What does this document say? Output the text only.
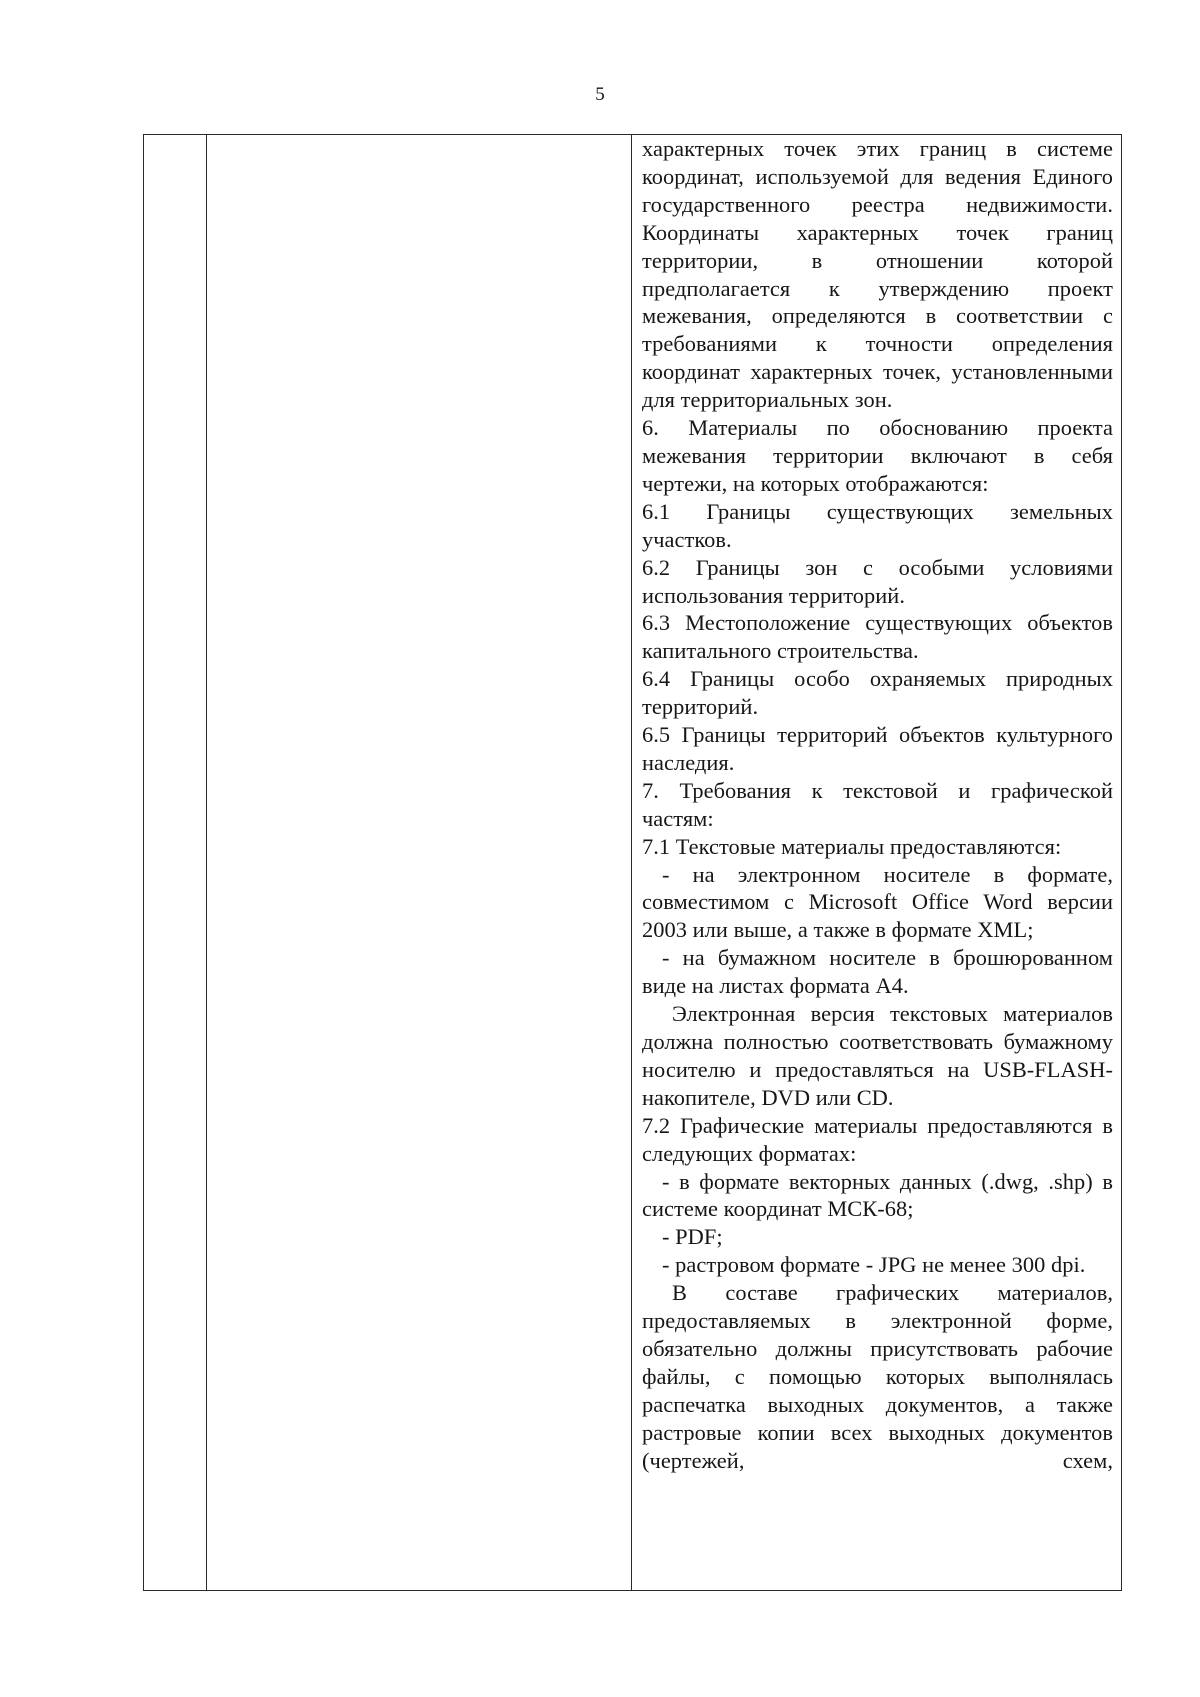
5

характерных точек этих границ в системе координат, используемой для ведения Единого государственного реестра недвижимости. Координаты характерных точек границ территории, в отношении которой предполагается к утверждению проект межевания, определяются в соответствии с требованиями к точности определения координат характерных точек, установленными для территориальных зон.

6. Материалы по обоснованию проекта межевания территории включают в себя чертежи, на которых отображаются:

6.1 Границы существующих земельных участков.

6.2 Границы зон с особыми условиями использования территорий.

6.3 Местоположение существующих объектов капитального строительства.

6.4 Границы особо охраняемых природных территорий.

6.5 Границы территорий объектов культурного наследия.

7. Требования к текстовой и графической частям:

7.1 Текстовые материалы предоставляются:

- на электронном носителе в формате, совместимом с Microsoft Office Word версии 2003 или выше, а также в формате XML;

- на бумажном носителе в брошюрованном виде на листах формата А4.

Электронная версия текстовых материалов должна полностью соответствовать бумажному носителю и предоставляться на USB-FLASH-накопителе, DVD или CD.

7.2 Графические материалы предоставляются в следующих форматах:

- в формате векторных данных (.dwg, .shp) в системе координат МСК-68;

- PDF;

- растровом формате - JPG не менее 300 dpi.

В составе графических материалов, предоставляемых в электронной форме, обязательно должны присутствовать рабочие файлы, с помощью которых выполнялась распечатка выходных документов, а также растровые копии всех выходных документов (чертежей, схем,
